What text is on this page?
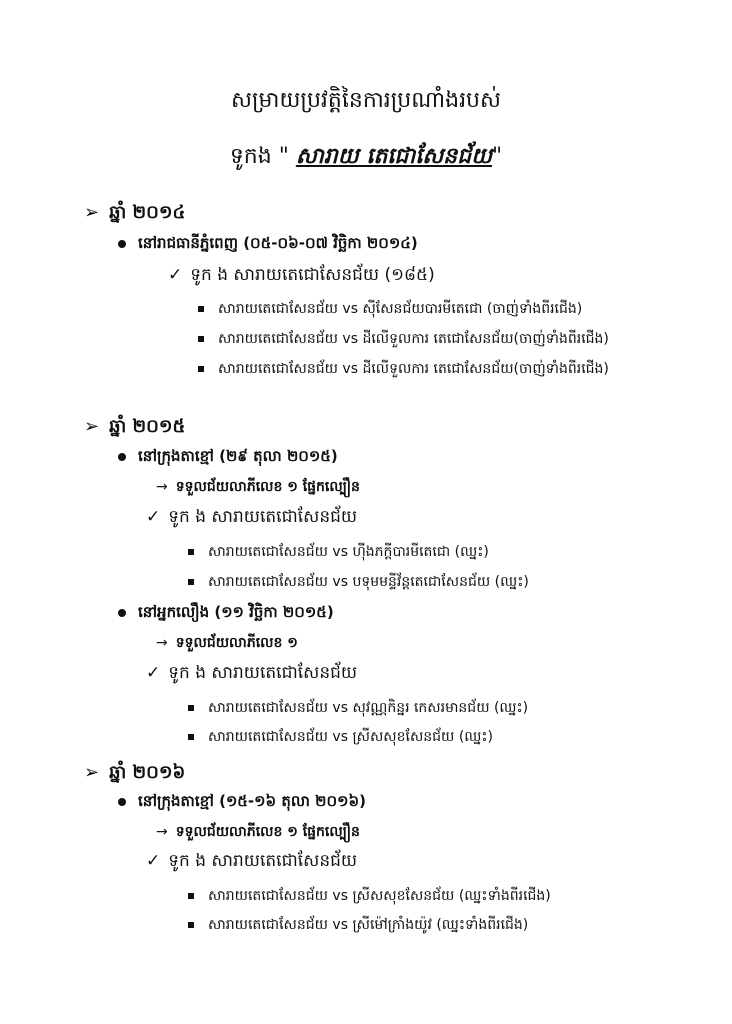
សម្រាយប្រវត្តិនៃការប្រណាំងរបស់
ទូកង " សារាយ តេជោសែនជ័យ"
➢ ឆ្នាំ ២០១៤
នៅរាជធានីភ្នំពេញ (០៥-០៦-០៧ វិច្ឆិកា ២០១៤)
✓ ទូក ង សារាយតេជោសែនជ័យ (១៨៥)
សារាយតេជោសែនជ័យ vs ស៊ីសែនជ័យបារមីតេជោ (ចាញ់ទាំងពីរជើង)
សារាយតេជោសែនជ័យ vs ដីលើទួលការ តេជោសែនជ័យ(ចាញ់ទាំងពីរជើង)
សារាយតេជោសែនជ័យ vs ដីលើទួលការ តេជោសែនជ័យ(ចាញ់ទាំងពីរជើង)
➢ ឆ្នាំ ២០១៥
នៅក្រុងតាខ្មៅ (២៩ តុលា ២០១៥)
→ ទទួលជ័យលាភីលេខ ១ ផ្នែកល្បឿន
✓ ទូក ង សារាយតេជោសែនជ័យ
សារាយតេជោសែនជ័យ vs ហ៊ីងភក្តីបារមីតេជោ (ឈ្នះ)
សារាយតេជោសែនជ័យ vs បទុមមន្ទីវ័ន្តតេជោសែនជ័យ (ឈ្នះ)
នៅអ្នកលឿង (១១ វិច្ឆិកា ២០១៥)
→ ទទួលជ័យលាភីលេខ ១
✓ ទូក ង សារាយតេជោសែនជ័យ
សារាយតេជោសែនជ័យ vs សុវណ្ណកិន្នរ កេសរមានជ័យ (ឈ្នះ)
សារាយតេជោសែនជ័យ vs ស្រីសសុខសែនជ័យ (ឈ្នះ)
➢ ឆ្នាំ ២០១៦
នៅក្រុងតាខ្មៅ (១៥-១៦ តុលា ២០១៦)
→ ទទួលជ័យលាភីលេខ ១ ផ្នែកល្បឿន
✓ ទូក ង សារាយតេជោសែនជ័យ
សារាយតេជោសែនជ័យ vs ស្រីសសុខសែនជ័យ (ឈ្នះទាំងពីរជើង)
សារាយតេជោសែនជ័យ vs ស្រីម៉ៅក្រាំងយ៉ូវ (ឈ្នះទាំងពីរជើង)
